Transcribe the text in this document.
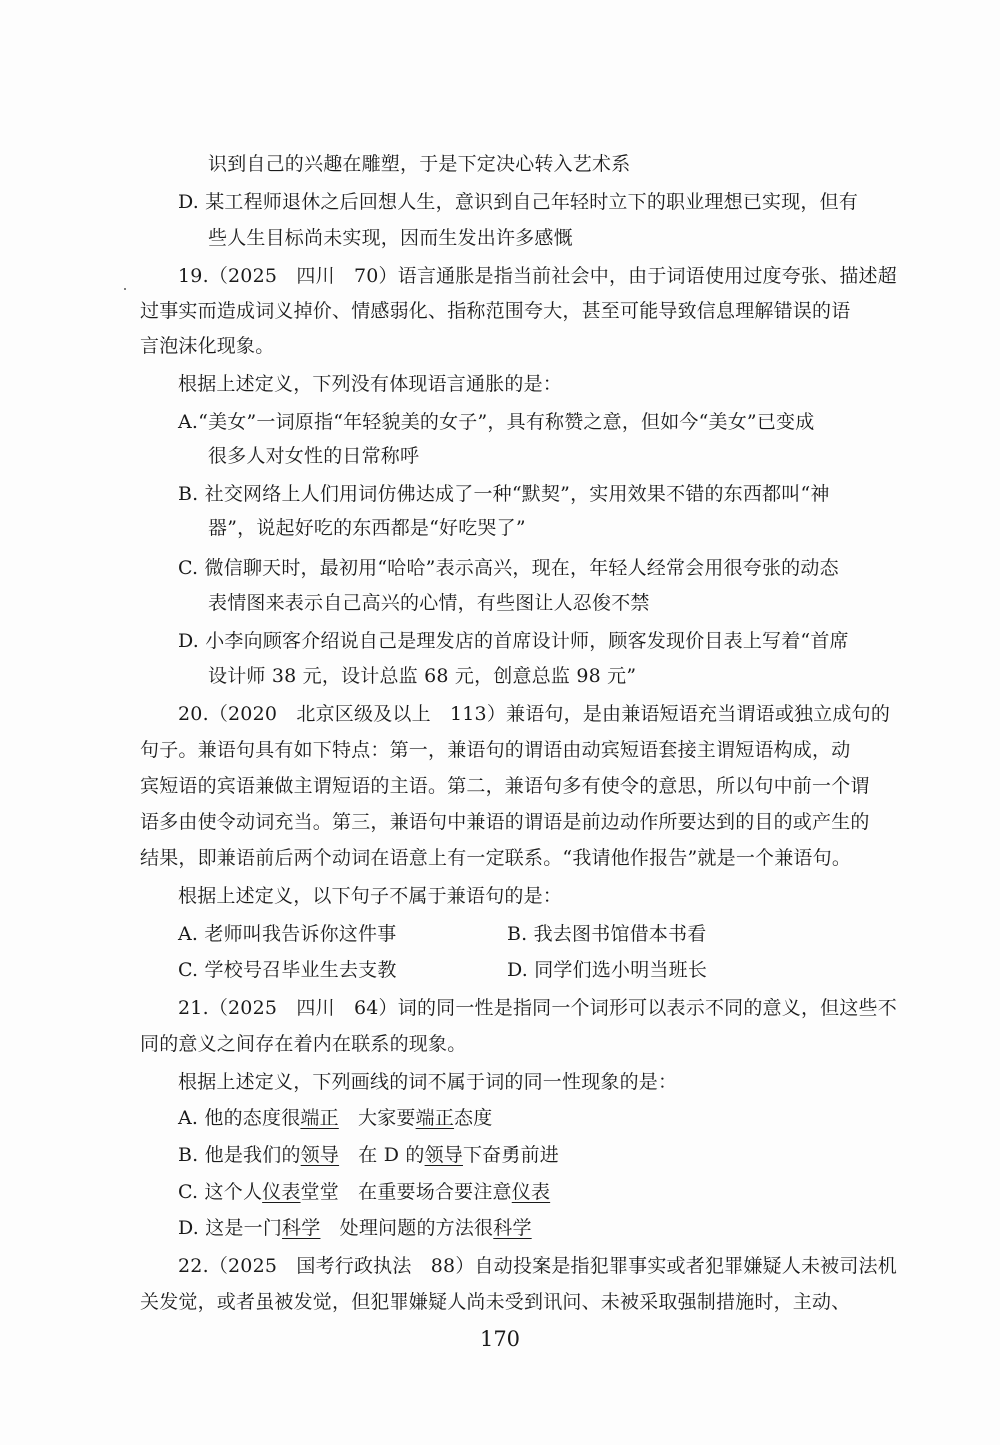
识到自己的兴趣在雕塑，于是下定决心转入艺术系
D. 某工程师退休之后回想人生，意识到自己年轻时立下的职业理想已实现，但有
些人生目标尚未实现，因而生发出许多感慨
19.（2025　四川　70）语言通胀是指当前社会中，由于词语使用过度夸张、描述超
过事实而造成词义掉价、情感弱化、指称范围夸大，甚至可能导致信息理解错误的语
言泡沫化现象。
根据上述定义，下列没有体现语言通胀的是：
A.“美女”一词原指“年轻貌美的女子”，具有称赞之意，但如今“美女”已变成
很多人对女性的日常称呼
B. 社交网络上人们用词仿佛达成了一种“默契”，实用效果不错的东西都叫“神
器”，说起好吃的东西都是“好吃哭了”
C. 微信聊天时，最初用“哈哈”表示高兴，现在，年轻人经常会用很夸张的动态
表情图来表示自己高兴的心情，有些图让人忍俊不禁
D. 小李向顾客介绍说自己是理发店的首席设计师，顾客发现价目表上写着“首席
设计师 38 元，设计总监 68 元，创意总监 98 元”
20.（2020　北京区级及以上　113）兼语句，是由兼语短语充当谓语或独立成句的
句子。兼语句具有如下特点：第一，兼语句的谓语由动宾短语套接主谓短语构成，动
宾短语的宾语兼做主谓短语的主语。第二，兼语句多有使令的意思，所以句中前一个谓
语多由使令动词充当。第三，兼语句中兼语的谓语是前边动作所要达到的目的或产生的
结果，即兼语前后两个动词在语意上有一定联系。“我请他作报告”就是一个兼语句。
根据上述定义，以下句子不属于兼语句的是：
A. 老师叫我告诉你这件事	B. 我去图书馆借本书看
C. 学校号召毕业生去支教	D. 同学们选小明当班长
21.（2025　四川　64）词的同一性是指同一个词形可以表示不同的意义，但这些不
同的意义之间存在着内在联系的现象。
根据上述定义，下列画线的词不属于词的同一性现象的是：
A. 他的态度很端正　大家要端正态度
B. 他是我们的领导　在 D 的领导下奋勇前进
C. 这个人仪表堂堂　在重要场合要注意仪表
D. 这是一门科学　处理问题的方法很科学
22.（2025　国考行政执法　88）自动投案是指犯罪事实或者犯罪嫌疑人未被司法机
关发觉，或者虽被发觉，但犯罪嫌疑人尚未受到讯问、未被采取强制措施时，主动、
170
